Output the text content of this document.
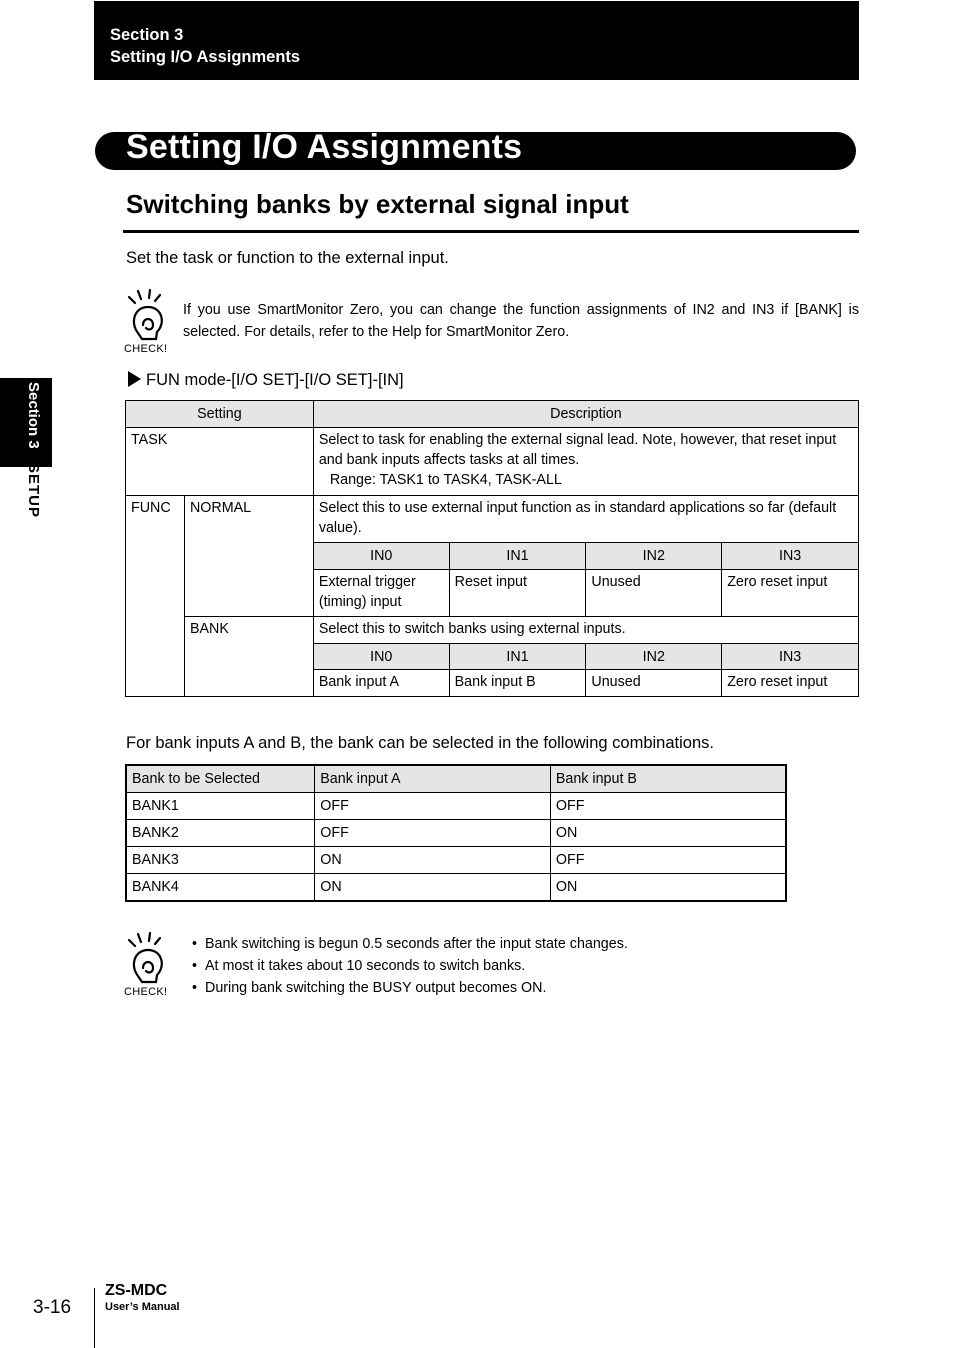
Section 3
Setting I/O Assignments
Setting I/O Assignments
Switching banks by external signal input
Set the task or function to the external input.
CHECK!
If you use SmartMonitor Zero, you can change the function assignments of IN2 and IN3 if [BANK] is selected. For details, refer to the Help for SmartMonitor Zero.
FUN mode-[I/O SET]-[I/O SET]-[IN]
Setting		Description			
TASK		Select to task for enabling the external signal lead. Note, however, that reset input and bank inputs affects tasks at all times.
Range: TASK1 to TASK4, TASK-ALL			

FUNC	NORMAL	Select this to use external input function as in standard applications so far (default value).			
		IN0	IN1	IN2	IN3
		External trigger (timing) input	Reset input	Unused	Zero reset input
	BANK	Select this to switch banks using external inputs.			
		IN0	IN1	IN2	IN3
		Bank input A	Bank input B	Unused	Zero reset input
For bank inputs A and B, the bank can be selected in the following combinations.
Bank to be Selected	Bank input A	Bank input B
BANK1	OFF	OFF
BANK2	OFF	ON
BANK3	ON	OFF
BANK4	ON	ON
CHECK!
• Bank switching is begun 0.5 seconds after the input state changes.
• At most it takes about 10 seconds to switch banks.
• During bank switching the BUSY output becomes ON.
Section 3SETUP
3-16
ZS-MDC
User’s Manual
